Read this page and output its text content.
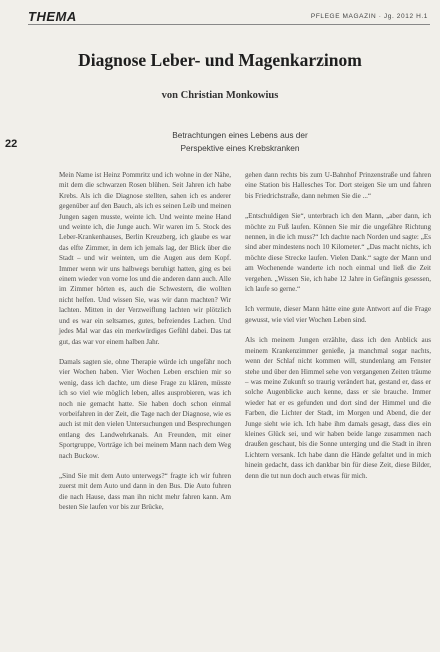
THEMA	PFLEGE MAGAZIN · Jg. 2012 H.1
Diagnose Leber- und Magenkarzinom
von Christian Monkowius
22
Betrachtungen eines Lebens aus der
Perspektive eines Krebskranken

Mein Name ist Heinz Pommritz und ich wohne in der Nähe, mit dem die schwarzen Rosen blühen. Seit Jahren ich habe Krebs. Als ich die Diagnose stellten, sahen ich es anderer gegenüber auf den Bauch, als ich es seinen Leib und meinen Jungen sagen musste, weinte ich. Und weinte meine Hand und weinte ich, die Junge auch. Wir waren im 5. Stock des Leber-Krankenhauses, Berlin Kreuzberg, ich glaube es war das elfte Zimmer, in dem ich jemals lag, der Blick über die Stadt – und wir weinten, um die Augen aus dem Kopf. Immer wenn wir uns halbwegs beruhigt hatten, ging es bei einem wieder von vorne los und die anderen dann auch. Alle im Zimmer hörten es, auch die Schwestern, die wollten nicht helfen. Und wissen Sie, was wir dann machten? Wir lachten. Mitten in der Verzweiflung lachten wir plötzlich und es war ein seltsames, gutes, befreiendes Lachen. Und jedes Mal war das ein merkwürdiges Gefühl dabei. Das tat gut, das war vor einem halben Jahr.

Damals sagten sie, ohne Therapie würde ich ungefähr noch vier Wochen haben. Vier Wochen Leben erschien mir so wenig, dass ich dachte, um diese Frage zu klären, müsste ich so viel wie möglich leben, alles ausprobieren, was ich noch nie gemacht hatte. Sie haben doch schon einmal vorbeifahren in der Zeit, die Tage nach der Diagnose, wie es auch ist mit den vielen Untersuchungen und Besprechungen entlang des Landwehrkanals. An Freunden, mit einer Sportgruppe, Vorträge ich bei meinem Mann nach dem Weg nach Buckow.

„Sind Sie mit dem Auto unterwegs?“ fragte ich wir fuhren zuerst mit dem Auto und dann in den Bus. Die Auto fuhren die nach Hause, dass man ihn nicht mehr fahren kann. Am besten Sie laufen vor bis zur Brücke,

gehen dann rechts bis zum U-Bahnhof Prinzenstraße und fahren eine Station bis Hallesches Tor. Dort steigen Sie um und fahren bis Friedrichstraße, dann nehmen Sie die ...“

„Entschuldigen Sie“, unterbrach ich den Mann, „aber dann, ich möchte zu Fuß laufen. Können Sie mir die ungefähre Richtung nennen, in die ich muss?“ Ich dachte nach Norden und sagte: „Es sind aber mindestens noch 10 Kilometer.“ „Das macht nichts, ich möchte diese Strecke laufen. Vielen Dank.“ sagte der Mann und am Wochenende wanderte ich noch einmal und ließ die Zeit vergehen. „Wissen Sie, ich habe 12 Jahre in Gefängnis gesessen, ich laufe so gerne.“

Ich vermute, dieser Mann hätte eine gute Antwort auf die Frage gewusst, wie viel vier Wochen Leben sind.

Als ich meinem Jungen erzählte, dass ich den Anblick aus meinem Krankenzimmer genieße, ja manchmal sogar nachts, wenn der Schlaf nicht kommen will, stundenlang am Fenster stehe und über den Himmel sehe von vergangenen Zeiten träume – was meine Zukunft so traurig verändert hat, gestand er, dass er solche Augenblicke auch kenne, dass er sie brauche. Immer wieder hat er es gefunden und dort sind der Himmel und die Farben, die Lichter der Stadt, im Morgen und Abend, die der Junge sieht wie ich. Ich habe ihm damals gesagt, dass dies ein kleines Glück sei, und wir haben beide lange zusammen nach draußen geschaut, bis die Sonne unterging und die Stadt in ihren Lichtern versank. Ich habe dann die Hände gefaltet und in mich hinein gedacht, dass ich dankbar bin für diese Zeit, diese Bilder, denn die tut nun doch auch etwas für mich.
